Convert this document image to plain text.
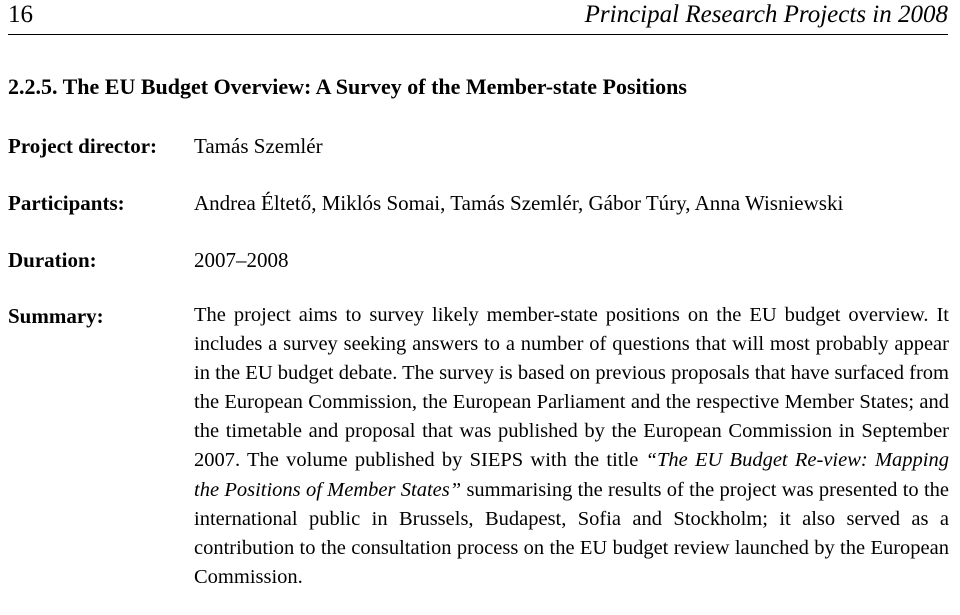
16	Principal Research Projects in 2008
2.2.5. The EU Budget Overview: A Survey of the Member-state Positions
Project director: Tamás Szemlér
Participants:	Andrea Éltető, Miklós Somai, Tamás Szemlér, Gábor Túry, Anna Wisniewski
Duration:	2007–2008
Summary:	The project aims to survey likely member-state positions on the EU budget overview. It includes a survey seeking answers to a number of questions that will most probably appear in the EU budget debate. The survey is based on previous proposals that have surfaced from the European Commission, the European Parliament and the respective Member States; and the timetable and proposal that was published by the European Commission in September 2007. The volume published by SIEPS with the title “The EU Budget Re-view: Mapping the Positions of Member States” summarising the results of the project was presented to the international public in Brussels, Budapest, Sofia and Stockholm; it also served as a contribution to the consultation process on the EU budget review launched by the European Commission.
